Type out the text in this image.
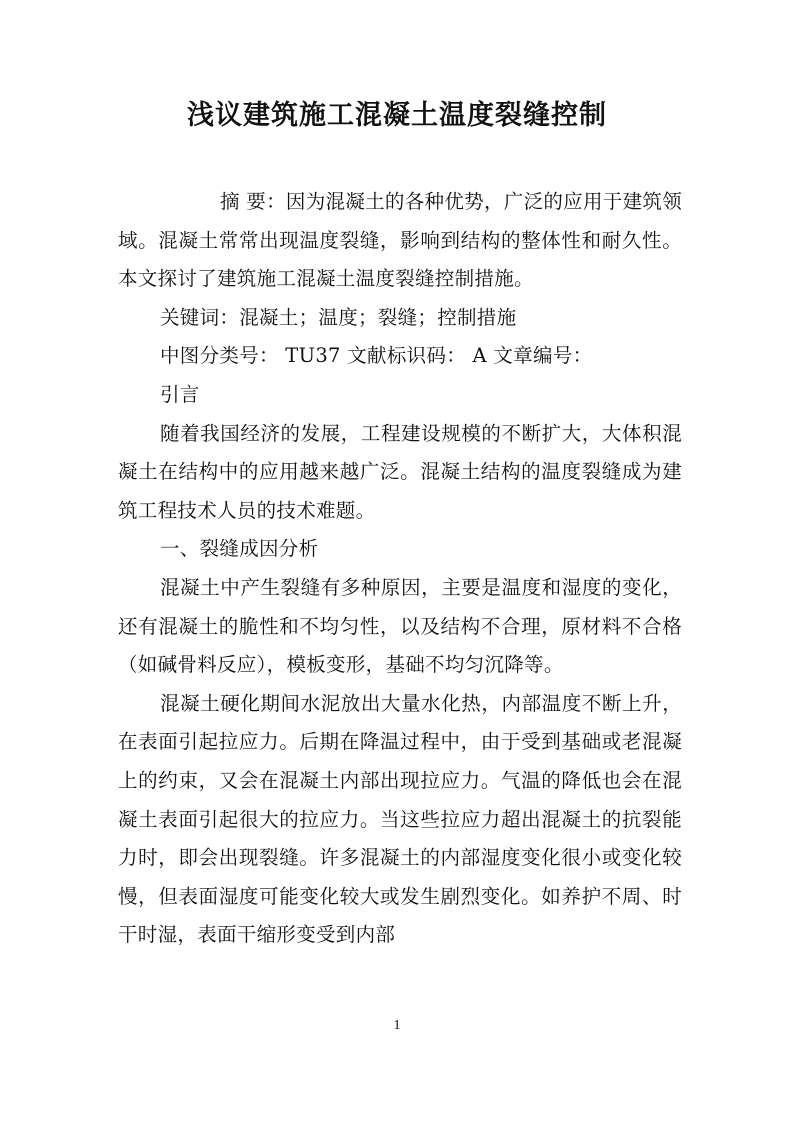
浅议建筑施工混凝土温度裂缝控制

摘 要：因为混凝土的各种优势，广泛的应用于建筑领域。混凝土常常出现温度裂缝，影响到结构的整体性和耐久性。本文探讨了建筑施工混凝土温度裂缝控制措施。

关键词：混凝土；温度；裂缝；控制措施

中图分类号： TU37 文献标识码： A 文章编号：

引言

随着我国经济的发展，工程建设规模的不断扩大，大体积混凝土在结构中的应用越来越广泛。混凝土结构的温度裂缝成为建筑工程技术人员的技术难题。

一、裂缝成因分析

混凝土中产生裂缝有多种原因，主要是温度和湿度的变化，还有混凝土的脆性和不均匀性，以及结构不合理，原材料不合格（如碱骨料反应），模板变形，基础不均匀沉降等。

混凝土硬化期间水泥放出大量水化热，内部温度不断上升，在表面引起拉应力。后期在降温过程中，由于受到基础或老混凝上的约束，又会在混凝土内部出现拉应力。气温的降低也会在混凝土表面引起很大的拉应力。当这些拉应力超出混凝土的抗裂能力时，即会出现裂缝。许多混凝土的内部湿度变化很小或变化较慢，但表面湿度可能变化较大或发生剧烈变化。如养护不周、时干时湿，表面干缩形变受到内部

1
